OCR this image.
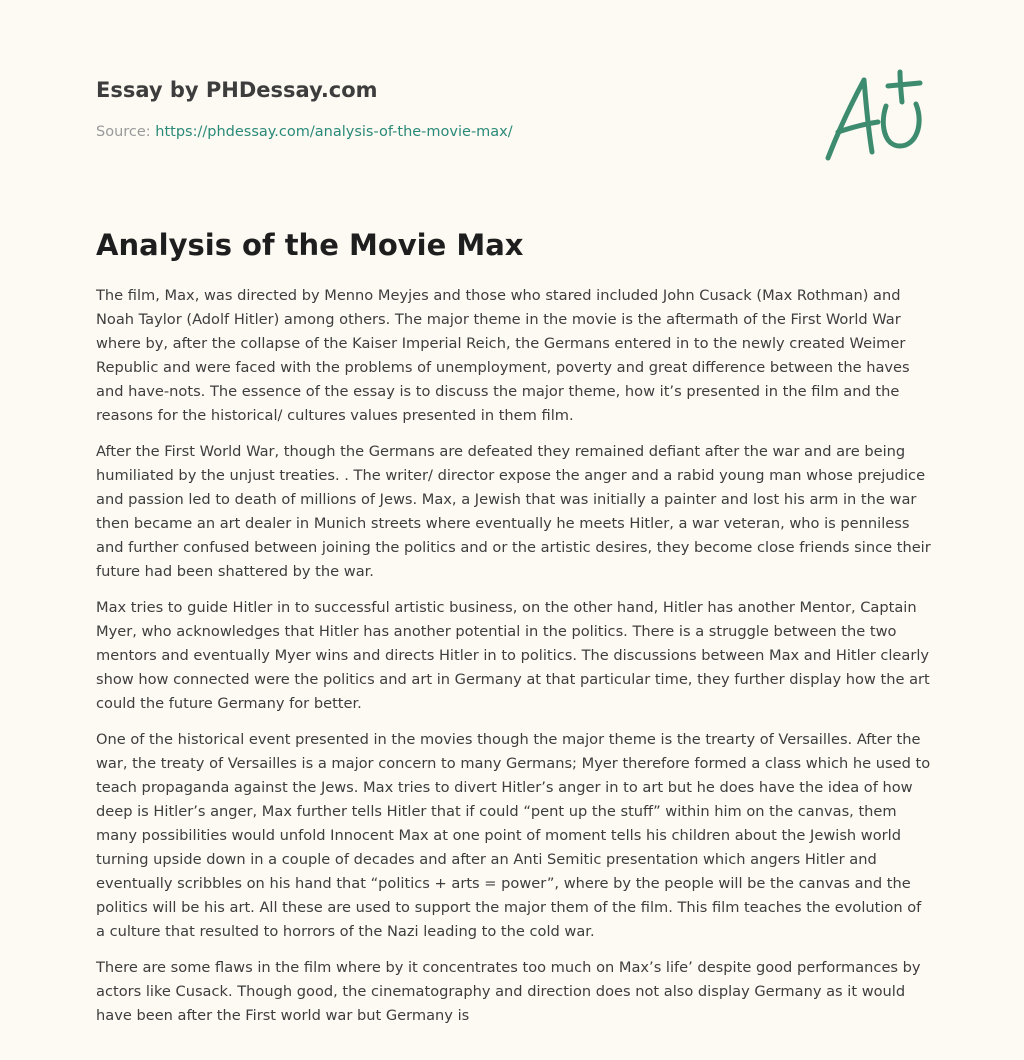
Essay by PHDessay.com
Source: https://phdessay.com/analysis-of-the-movie-max/
Analysis of the Movie Max

The film, Max, was directed by Menno Meyjes and those who stared included John Cusack (Max Rothman) and Noah Taylor (Adolf Hitler) among others. The major theme in the movie is the aftermath of the First World War where by, after the collapse of the Kaiser Imperial Reich, the Germans entered in to the newly created Weimer Republic and were faced with the problems of unemployment, poverty and great difference between the haves and have-nots. The essence of the essay is to discuss the major theme, how it’s presented in the film and the reasons for the historical/ cultures values presented in them film.

After the First World War, though the Germans are defeated they remained defiant after the war and are being humiliated by the unjust treaties. . The writer/ director expose the anger and a rabid young man whose prejudice and passion led to death of millions of Jews. Max, a Jewish that was initially a painter and lost his arm in the war then became an art dealer in Munich streets where eventually he meets Hitler, a war veteran, who is penniless and further confused between joining the politics and or the artistic desires, they become close friends since their future had been shattered by the war.

Max tries to guide Hitler in to successful artistic business, on the other hand, Hitler has another Mentor, Captain Myer, who acknowledges that Hitler has another potential in the politics. There is a struggle between the two mentors and eventually Myer wins and directs Hitler in to politics. The discussions between Max and Hitler clearly show how connected were the politics and art in Germany at that particular time, they further display how the art could the future Germany for better.

One of the historical event presented in the movies though the major theme is the trearty of Versailles. After the war, the treaty of Versailles is a major concern to many Germans; Myer therefore formed a class which he used to teach propaganda against the Jews. Max tries to divert Hitler’s anger in to art but he does have the idea of how deep is Hitler’s anger, Max further tells Hitler that if could “pent up the stuff” within him on the canvas, them many possibilities would unfold Innocent Max at one point of moment tells his children about the Jewish world turning upside down in a couple of decades and after an Anti Semitic presentation which angers Hitler and eventually scribbles on his hand that “politics + arts = power”, where by the people will be the canvas and the politics will be his art. All these are used to support the major them of the film. This film teaches the evolution of a culture that resulted to horrors of the Nazi leading to the cold war.

There are some flaws in the film where by it concentrates too much on Max’s life’ despite good performances by actors like Cusack. Though good, the cinematography and direction does not also display Germany as it would have been after the First world war but Germany is
